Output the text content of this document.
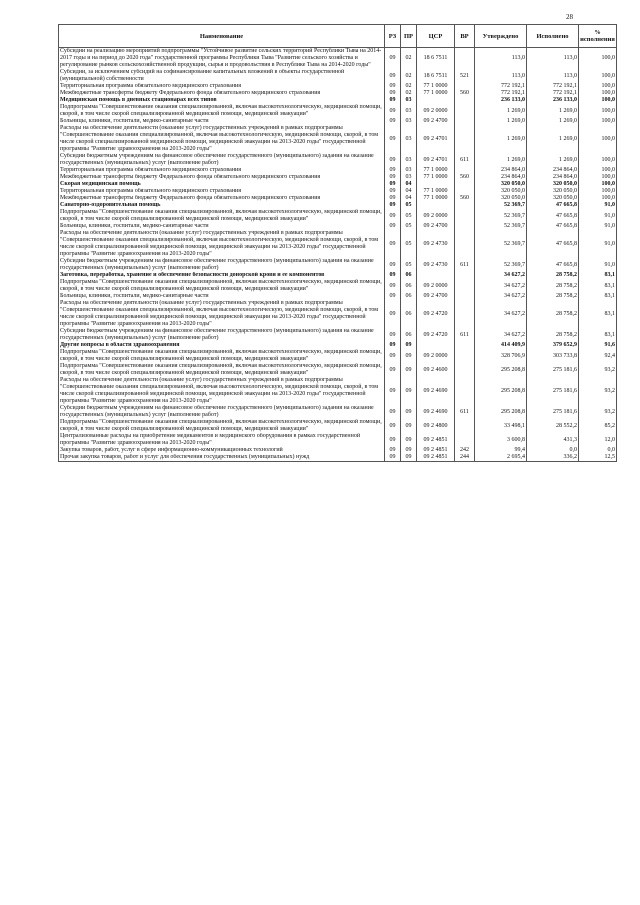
28
Наименование	РЗ	ПР	ЦСР	ВР	Утверждено	Исполнено	% исполнения
Субсидии на реализацию мероприятий подпрограммы "Устойчивое развитие сельских территорий Республики Тыва на 2014-2017 годы и на период до 2020 года" государственной программы Республики Тыва "Развитие сельского хозяйства и регулирование рынков сельскохозяйственной продукции, сырья и продовольствия в Республике Тыва на 2014-2020 годы"	09	02	18 6 7511		113,0	113,0	100,0
Субсидии, за исключением субсидий на софинансирование капитальных вложений в объекты государственной (муниципальной) собственности	09	02	18 6 7511	521	113,0	113,0	100,0
Территориальная программа обязательного медицинского страхования	09	02	77 1 0000		772 192,1	772 192,1	100,0
Межбюджетные трансферты бюджету Федерального фонда обязательного медицинского страхования	09	02	77 1 0000	560	772 192,1	772 192,1	100,0
Медицинская помощь в дневных стационарах всех типов	09	03			236 133,0	236 133,0	100,0
Подпрограмма "Совершенствование оказания специализированной, включая высокотехнологическую, медицинской помощи, скорой, в том числе скорой специализированной медицинской помощи, медицинской эвакуации"	09	03	09 2 0000		1 269,0	1 269,0	100,0
Больницы, клиники, госпитали, медико-санитарные части	09	03	09 2 4700		1 269,0	1 269,0	100,0
Расходы на обеспечение деятельности (оказание услуг) государственных учреждений в рамках подпрограммы "Совершенствование оказания специализированной, включая высокотехнологическую, медицинской помощи, скорой, в том числе скорой специализированной медицинской помощи, медицинской эвакуации на 2013-2020 годы" государственной программы "Развитие здравоохранения на 2013-2020 годы"	09	03	09 2 4701		1 269,0	1 269,0	100,0
Субсидии бюджетным учреждениям на финансовое обеспечение государственного (муниципального) задания на оказание государственных (муниципальных) услуг (выполнение работ)	09	03	09 2 4701	611	1 269,0	1 269,0	100,0
Территориальная программа обязательного медицинского страхования	09	03	77 1 0000		234 864,0	234 864,0	100,0
Межбюджетные трансферты бюджету Федерального фонда обязательного медицинского страхования	09	03	77 1 0000	560	234 864,0	234 864,0	100,0
Скорая медицинская помощь	09	04			320 050,0	320 050,0	100,0
Территориальная программа обязательного медицинского страхования	09	04	77 1 0000		320 050,0	320 050,0	100,0
Межбюджетные трансферты бюджету Федерального фонда обязательного медицинского страхования	09	04	77 1 0000	560	320 050,0	320 050,0	100,0
Санаторно-оздоровительная помощь	09	05			52 369,7	47 665,8	91,0
Подпрограмма "Совершенствование оказания специализированной, включая высокотехнологическую, медицинской помощи, скорой, в том числе скорой специализированной медицинской помощи, медицинской эвакуации"	09	05	09 2 0000		52 369,7	47 665,8	91,0
Больницы, клиники, госпитали, медико-санитарные части	09	05	09 2 4700		52 369,7	47 665,8	91,0
Расходы на обеспечение деятельности (оказание услуг) государственных учреждений в рамках подпрограммы "Совершенствование оказания специализированной, включая высокотехнологическую, медицинской помощи, скорой, в том числе скорой специализированной медицинской помощи, медицинской эвакуации на 2013-2020 годы" государственной программы "Развитие здравоохранения на 2013-2020 годы"	09	05	09 2 4730		52 369,7	47 665,8	91,0
Субсидии бюджетным учреждениям на финансовое обеспечение государственного (муниципального) задания на оказание государственных (муниципальных) услуг (выполнение работ)	09	05	09 2 4730	611	52 369,7	47 665,8	91,0
Заготовка, переработка, хранение и обеспечение безопасности донорской крови и ее компонентов	09	06			34 627,2	28 758,2	83,1
Подпрограмма "Совершенствование оказания специализированной, включая высокотехнологическую, медицинской помощи, скорой, в том числе скорой специализированной медицинской помощи, медицинской эвакуации"	09	06	09 2 0000		34 627,2	28 758,2	83,1
Больницы, клиники, госпитали, медико-санитарные части	09	06	09 2 4700		34 627,2	28 758,2	83,1
Расходы на обеспечение деятельности (оказание услуг) государственных учреждений в рамках подпрограммы "Совершенствование оказания специализированной, включая высокотехнологическую, медицинской помощи, скорой, в том числе скорой специализированной медицинской помощи, медицинской эвакуации на 2013-2020 годы" государственной программы "Развитие здравоохранения на 2013-2020 годы"	09	06	09 2 4720		34 627,2	28 758,2	83,1
Субсидии бюджетным учреждениям на финансовое обеспечение государственного (муниципального) задания на оказание государственных (муниципальных) услуг (выполнение работ)	09	06	09 2 4720	611	34 627,2	28 758,2	83,1
Другие вопросы в области здравоохранения	09	09			414 409,9	379 652,9	91,6
Подпрограмма "Совершенствование оказания специализированной, включая высокотехнологическую, медицинской помощи, скорой, в том числе скорой специализированной медицинской помощи, медицинской эвакуации"	09	09	09 2 0000		328 706,9	303 733,8	92,4
Подпрограмма "Совершенствование оказания специализированной, включая высокотехнологическую, медицинской помощи, скорой, в том числе скорой специализированной медицинской помощи, медицинской эвакуации"	09	09	09 2 4600		295 208,8	275 181,6	93,2
Расходы на обеспечение деятельности (оказание услуг) государственных учреждений в рамках подпрограммы "Совершенствование оказания специализированной, включая высокотехнологическую, медицинской помощи, скорой, в том числе скорой специализированной медицинской помощи, медицинской эвакуации на 2013-2020 годы" государственной программы "Развитие здравоохранения на 2013-2020 годы"	09	09	09 2 4690		295 208,8	275 181,6	93,2
Субсидии бюджетным учреждениям на финансовое обеспечение государственного (муниципального) задания на оказание государственных (муниципальных) услуг (выполнение работ)	09	09	09 2 4690	611	295 208,8	275 181,6	93,2
Подпрограмма "Совершенствование оказания специализированной, включая высокотехнологическую, медицинской помощи, скорой, в том числе скорой специализированной медицинской помощи, медицинской эвакуации"	09	09	09 2 4800		33 498,1	28 552,2	85,2
Централизованные расходы на приобретение медикаментов и медицинского оборудования в рамках государственной программы "Развитие здравоохранения на 2013-2020 годы"	09	09	09 2 4851		3 600,8	431,3	12,0
Закупка товаров, работ, услуг в сфере информационно-коммуникационных технологий	09	09	09 2 4851	242	99,4	0,0	0,0
Прочая закупка товаров, работ и услуг для обеспечения государственных (муниципальных) нужд	09	09	09 2 4851	244	2 695,4	336,2	12,5
